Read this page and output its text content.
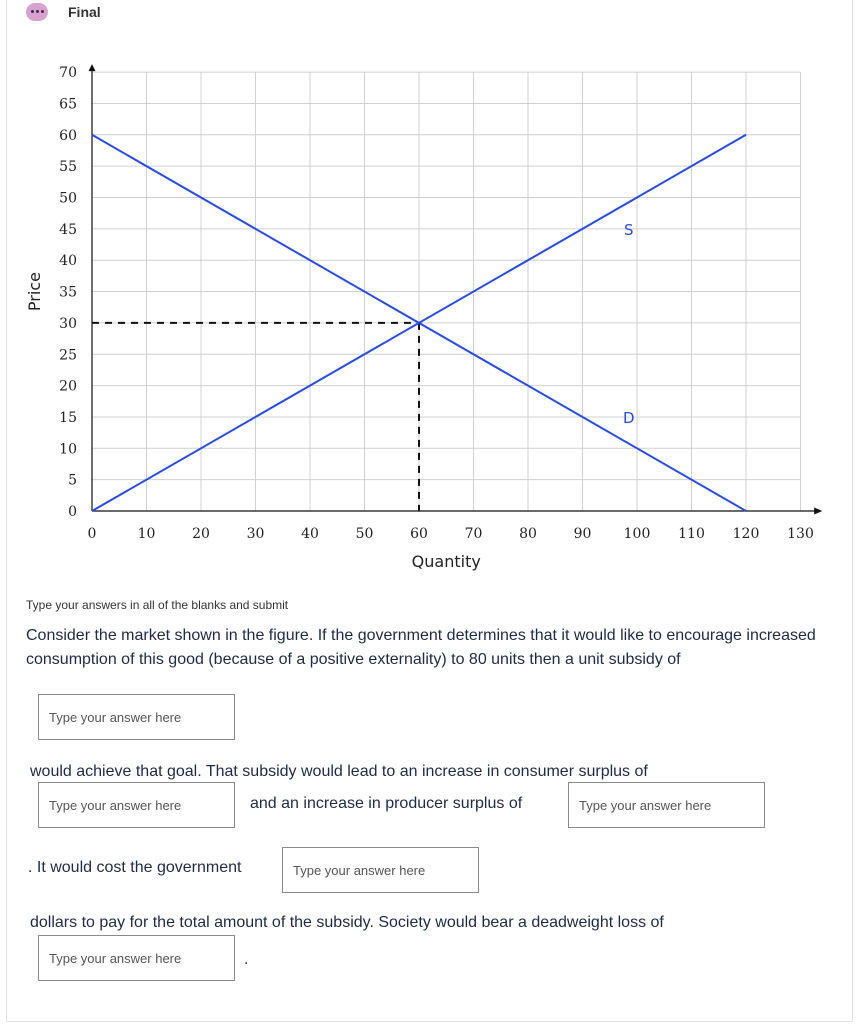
Final
0
5
10
15
20
25
30
35
40
45
50
55
60
65
70
0	10	20	30	40	50	60	70	80	90 100 110 120 130
Quantity
Price
S
D
Type your answers in all of the blanks and submit
Consider the market shown in the figure. If the government determines that it would like to encourage increased consumption of this good (because of a positive externality) to 80 units then a unit subsidy of
Type your answer here
would achieve that goal. That subsidy would lead to an increase in consumer surplus of
Type your answer here
and an increase in producer surplus of
Type your answer here
. It would cost the government
Type your answer here
dollars to pay for the total amount of the subsidy. Society would bear a deadweight loss of
Type your answer here
.
